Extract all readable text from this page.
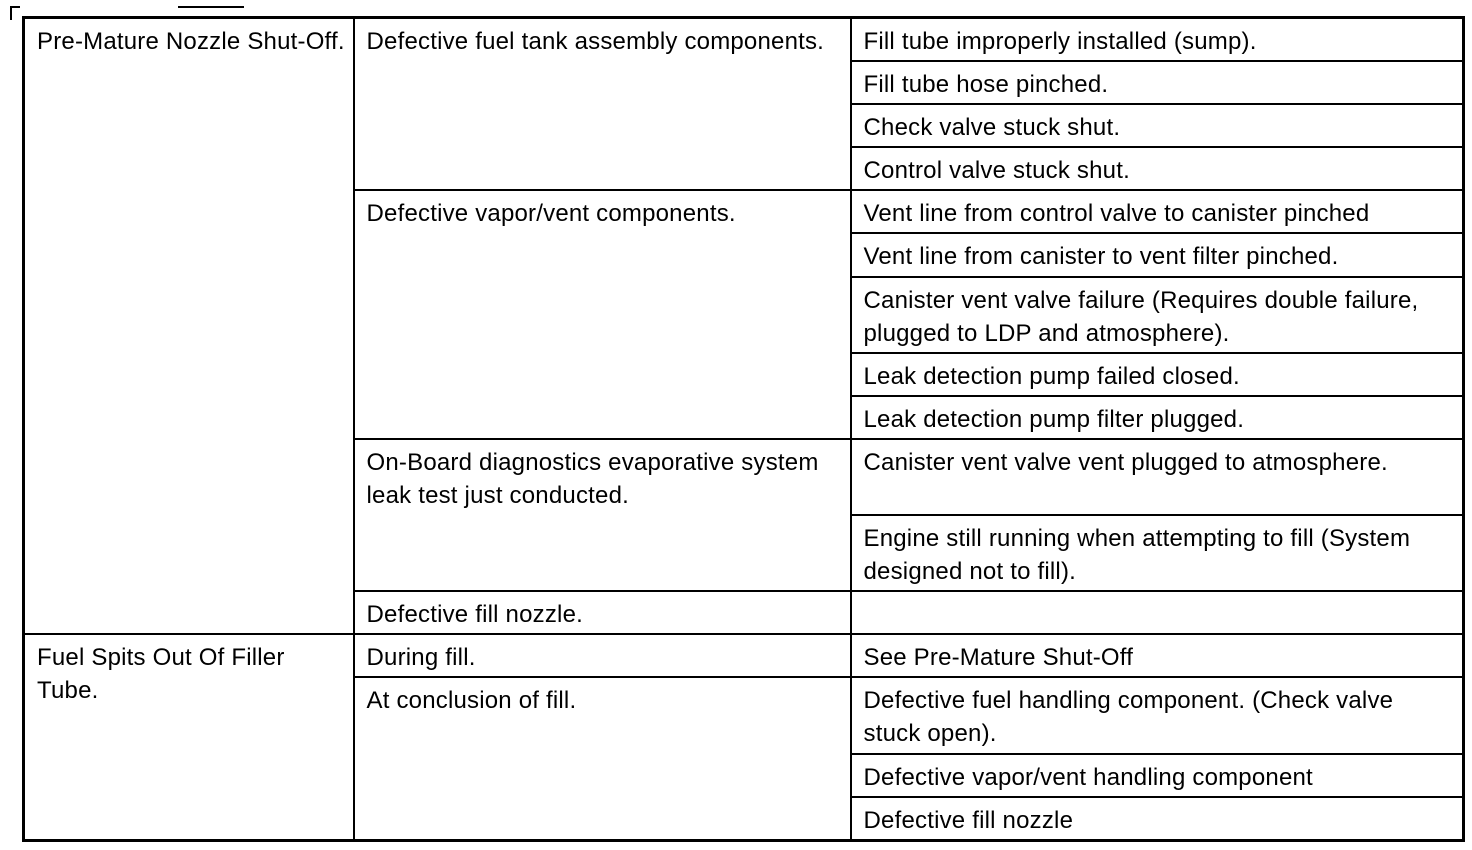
Pre-Mature Nozzle Shut-Off.	Defective fuel tank assembly components.	Fill tube improperly installed (sump).
		Fill tube hose pinched.
		Check valve stuck shut.
		Control valve stuck shut.
	Defective vapor/vent components.	Vent line from control valve to canister pinched
		Vent line from canister to vent filter pinched.
		Canister vent valve failure (Requires double failure, plugged to LDP and atmosphere).
		Leak detection pump failed closed.
		Leak detection pump filter plugged.
	On-Board diagnostics evaporative system leak test just conducted.	Canister vent valve vent plugged to atmosphere.
		Engine still running when attempting to fill (System designed not to fill).
	Defective fill nozzle.	
Fuel Spits Out Of Filler Tube.	During fill.	See Pre-Mature Shut-Off
	At conclusion of fill.	Defective fuel handling component. (Check valve stuck open).
		Defective vapor/vent handling component
		Defective fill nozzle
